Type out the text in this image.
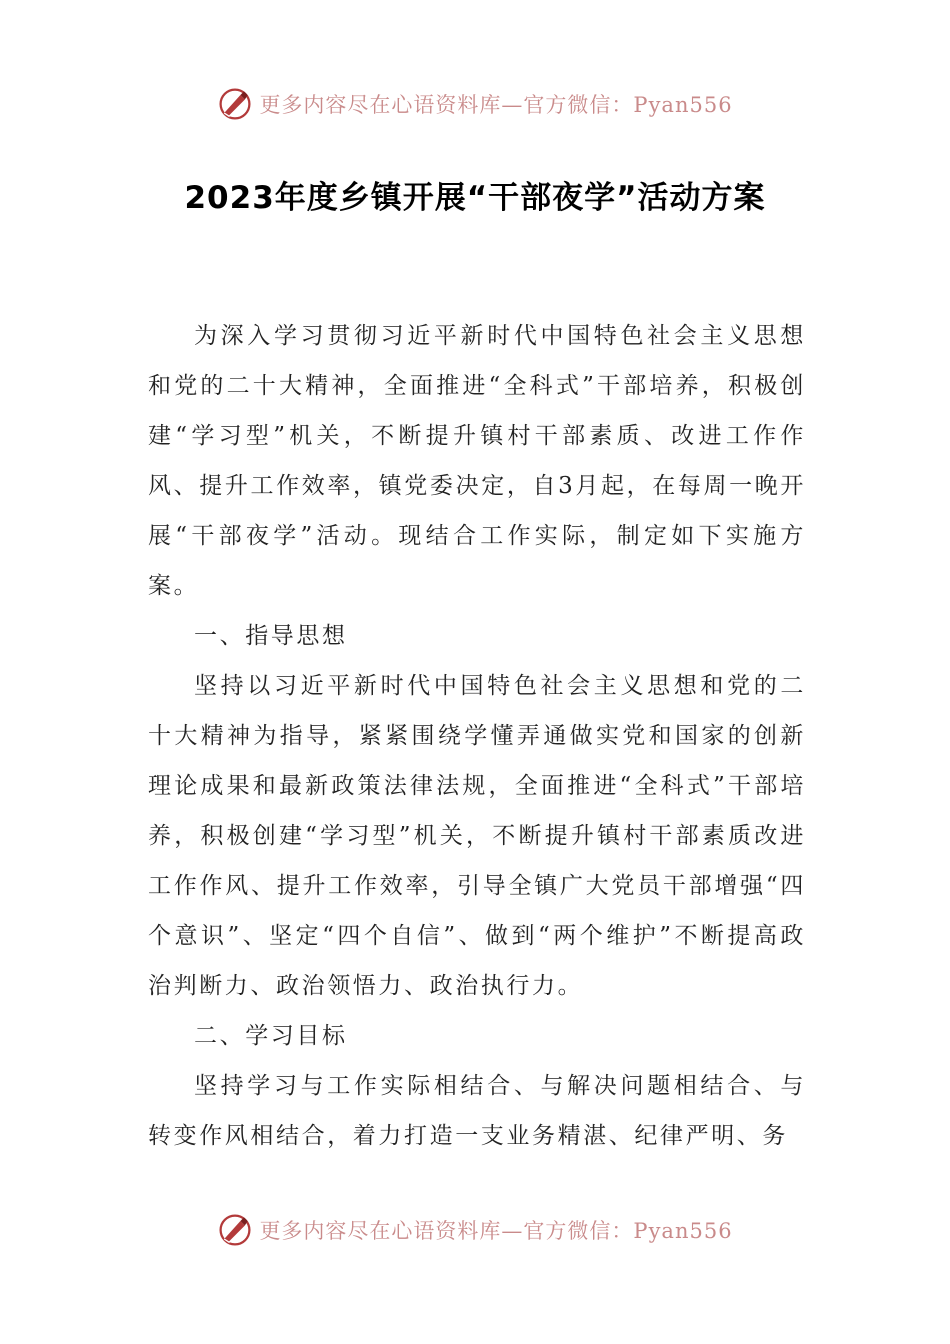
更多内容尽在心语资料库—官方微信：Pyan556
2023年度乡镇开展“干部夜学”活动方案

为深入学习贯彻习近平新时代中国特色社会主义思想和党的二十大精神，全面推进“全科式”干部培养，积极创建“学习型”机关，不断提升镇村干部素质、改进工作作风、提升工作效率，镇党委决定，自3月起，在每周一晚开展“干部夜学”活动。现结合工作实际，制定如下实施方案。

一、指导思想

坚持以习近平新时代中国特色社会主义思想和党的二十大精神为指导，紧紧围绕学懂弄通做实党和国家的创新理论成果和最新政策法律法规，全面推进“全科式”干部培养，积极创建“学习型”机关，不断提升镇村干部素质改进工作作风、提升工作效率，引导全镇广大党员干部增强“四个意识”、坚定“四个自信”、做到“两个维护”不断提高政治判断力、政治领悟力、政治执行力。

二、学习目标

坚持学习与工作实际相结合、与解决问题相结合、与转变作风相结合，着力打造一支业务精湛、纪律严明、务

更多内容尽在心语资料库—官方微信：Pyan556
